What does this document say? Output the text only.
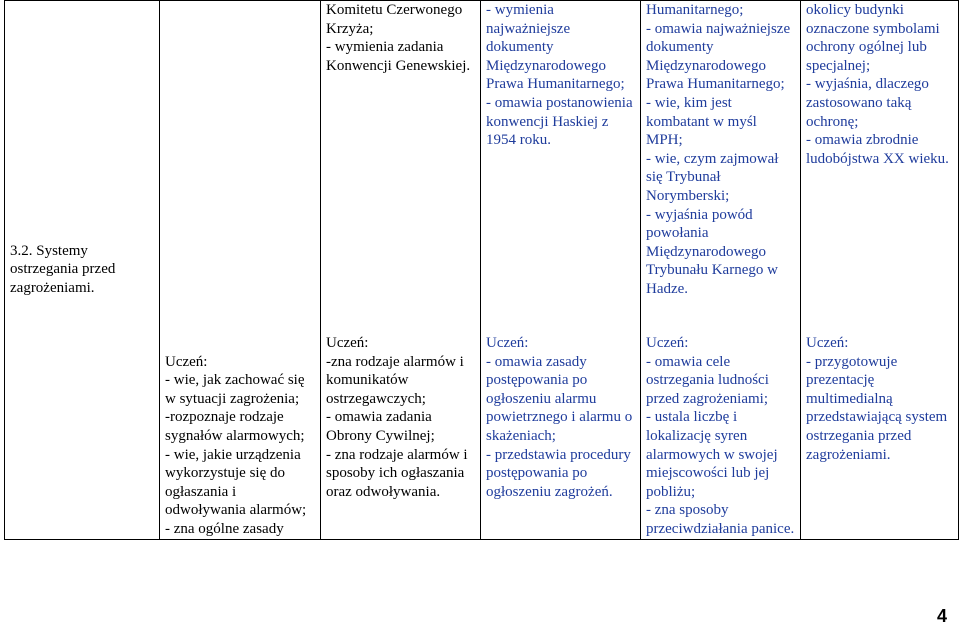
3.2. Systemy ostrzegania przed zagrożeniami.

Uczeń:
- wie, jak zachować się w sytuacji zagrożenia;
-rozpoznaje rodzaje sygnałów alarmowych;
- wie, jakie urządzenia wykorzystuje się do ogłaszania i odwoływania alarmów;
- zna ogólne zasady

Komitetu Czerwonego Krzyża;
- wymienia zadania Konwencji Genewskiej.
Uczeń:
-zna rodzaje alarmów i komunikatów ostrzegawczych;
- omawia zadania Obrony Cywilnej;
- zna rodzaje alarmów i sposoby ich ogłaszania oraz odwoływania.

- wymienia najważniejsze dokumenty Międzynarodowego Prawa Humanitarnego;
- omawia postanowienia konwencji Haskiej z 1954 roku.
Uczeń:
- omawia zasady postępowania po ogłoszeniu alarmu powietrznego i alarmu o skażeniach;
- przedstawia procedury postępowania po ogłoszeniu zagrożeń.

Humanitarnego;
- omawia najważniejsze dokumenty Międzynarodowego Prawa Humanitarnego;
- wie, kim jest kombatant w myśl MPH;
- wie, czym zajmował się Trybunał Norymberski;
- wyjaśnia powód powołania Międzynarodowego Trybunału Karnego w Hadze.
Uczeń:
- omawia cele ostrzegania ludności przed zagrożeniami;
- ustala liczbę i lokalizację syren alarmowych w swojej miejscowości lub jej pobliżu;
- zna sposoby przeciwdziałania panice.

okolicy budynki oznaczone symbolami ochrony ogólnej lub specjalnej;
- wyjaśnia, dlaczego zastosowano taką ochronę;
- omawia zbrodnie ludobójstwa XX wieku.
Uczeń:
- przygotowuje prezentację multimedialną przedstawiającą system ostrzegania przed zagrożeniami.
4
